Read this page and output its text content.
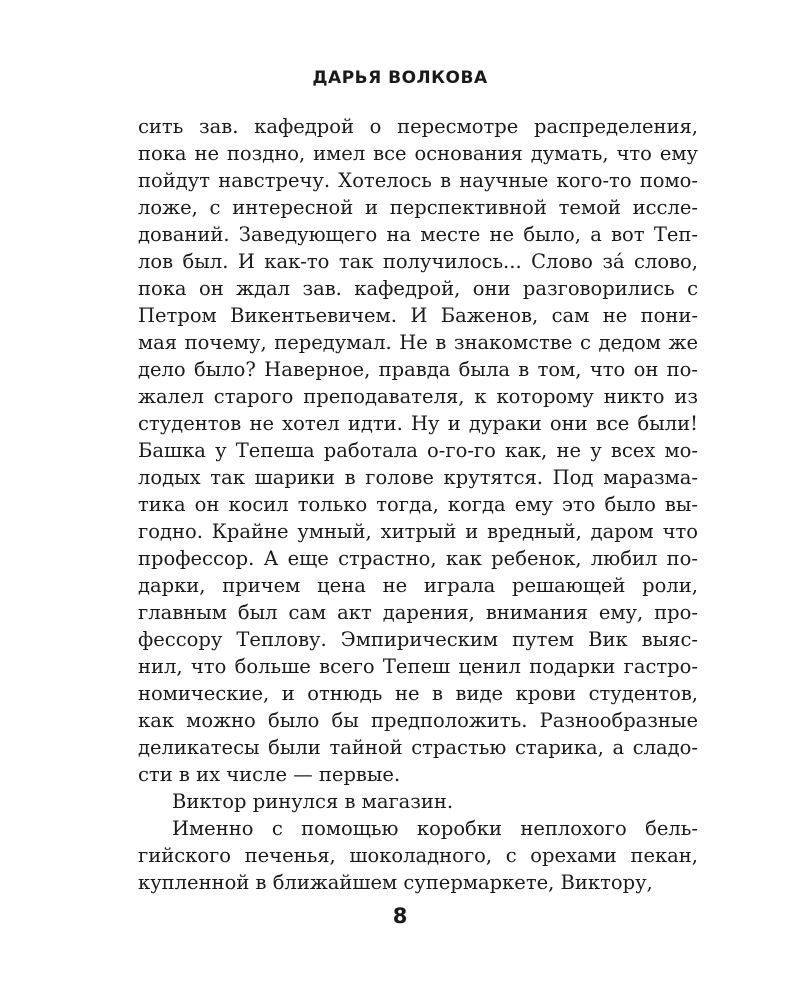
ДАРЬЯ ВОЛКОВА
сить зав. кафедрой о пересмотре распределения,
пока не поздно, имел все основания думать, что ему
пойдут навстречу. Хотелось в научные кого-то помо-
ложе, с интересной и перспективной темой иссле-
дований. Заведующего на месте не было, а вот Теп-
лов был. И как-то так получилось... Слово за́ слово,
пока он ждал зав. кафедрой, они разговорились с
Петром Викентьевичем. И Баженов, сам не пони-
мая почему, передумал. Не в знакомстве с дедом же
дело было? Наверное, правда была в том, что он по-
жалел старого преподавателя, к которому никто из
студентов не хотел идти. Ну и дураки они все были!
Башка у Тепеша работала о-го-го как, не у всех мо-
лодых так шарики в голове крутятся. Под маразма-
тика он косил только тогда, когда ему это было вы-
годно. Крайне умный, хитрый и вредный, даром что
профессор. А еще страстно, как ребенок, любил по-
дарки, причем цена не играла решающей роли,
главным был сам акт дарения, внимания ему, про-
фессору Теплову. Эмпирическим путем Вик выяс-
нил, что больше всего Тепеш ценил подарки гастро-
номические, и отнюдь не в виде крови студентов,
как можно было бы предположить. Разнообразные
деликатесы были тайной страстью старика, а сладо-
сти в их числе — первые.
Виктор ринулся в магазин.
Именно с помощью коробки неплохого бель-
гийского печенья, шоколадного, с орехами пекан,
купленной в ближайшем супермаркете, Виктору,
8
